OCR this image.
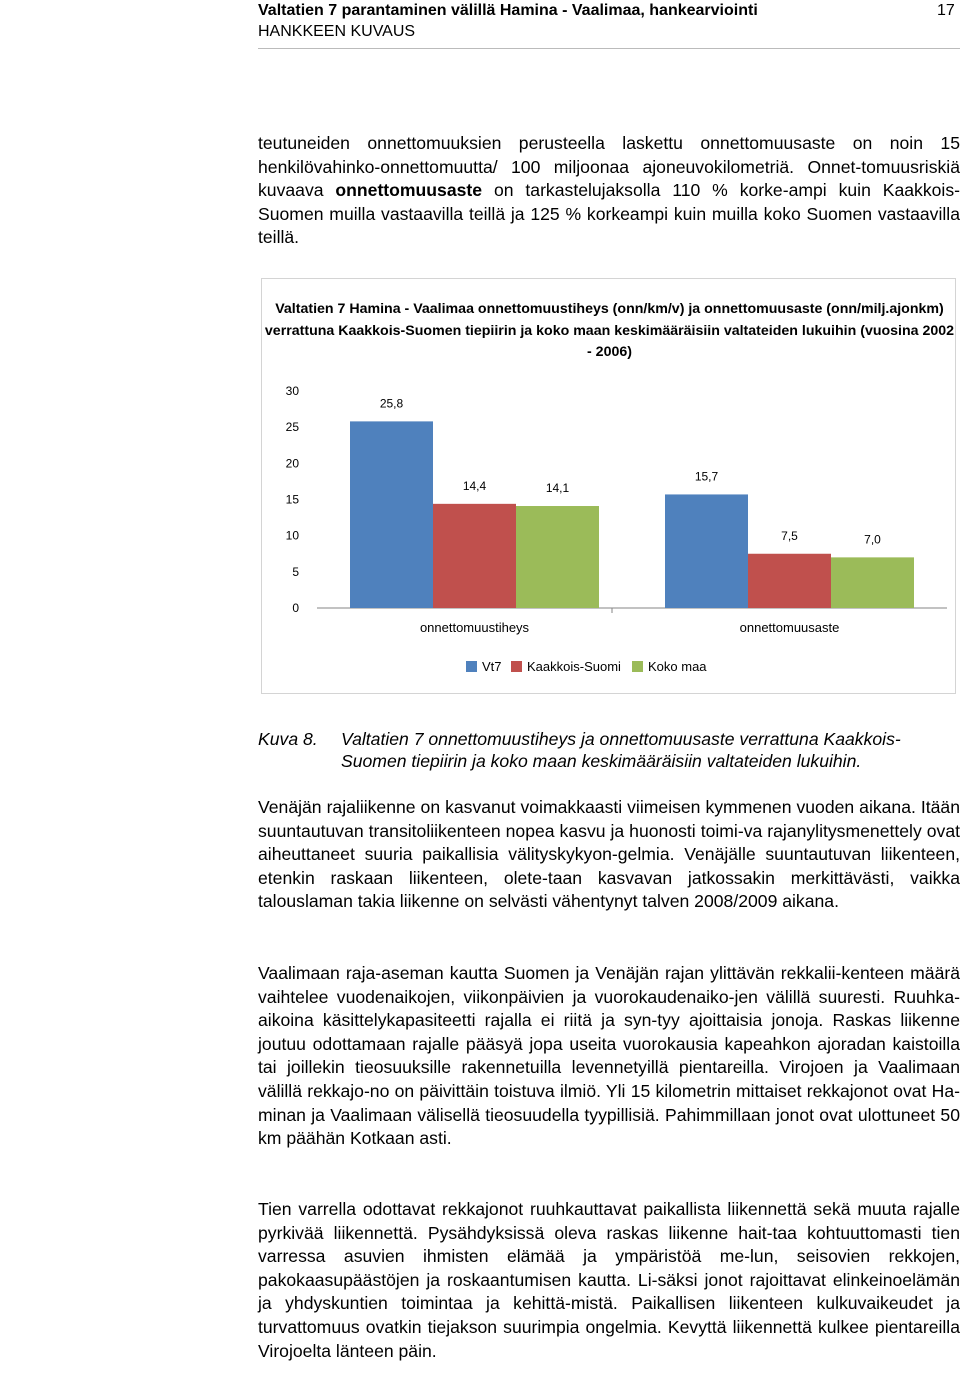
Valtatien 7 parantaminen välillä Hamina - Vaalimaa, hankearviointi
HANKKEEN KUVAUS
17

teutuneiden onnettomuuksien perusteella laskettu onnettomuusaste on noin 15 henkilövahinko-onnettomuutta/ 100 miljoonaa ajoneuvokilometriä. Onnet-tomuusriskiä kuvaava onnettomuusaste on tarkastelujaksolla 110 % korke-ampi kuin Kaakkois-Suomen muilla vastaavilla teillä ja 125 % korkeampi kuin muilla koko Suomen vastaavilla teillä.

Valtatien 7 Hamina - Vaalimaa onnettomuustiheys (onn/km/v) ja onnettomuusaste (onn/milj.ajonkm) verrattuna Kaakkois-Suomen tiepiirin ja koko maan keskimääräisiin valtateiden lukuihin (vuosina 2002 - 2006)
0
5
10
15
20
25
30
25,8
14,4	14,1
onnettomuustiheys
15,7
7,5	7,0
onnettomuusaste
Vt7	Kaakkois-Suomi	Koko maa
Kuva 8. Valtatien 7 onnettomuustiheys ja onnettomuusaste verrattuna Kaakkois-Suomen tiepiirin ja koko maan keskimääräisiin valtateiden lukuihin.

Venäjän rajaliikenne on kasvanut voimakkaasti viimeisen kymmenen vuoden aikana. Itään suuntautuvan transitoliikenteen nopea kasvu ja huonosti toimi-va rajanylitysmenettely ovat aiheuttaneet suuria paikallisia välityskykyon-gelmia. Venäjälle suuntautuvan liikenteen, etenkin raskaan liikenteen, olete-taan kasvavan jatkossakin merkittävästi, vaikka talouslaman takia liikenne on selvästi vähentynyt talven 2008/2009 aikana.

Vaalimaan raja-aseman kautta Suomen ja Venäjän rajan ylittävän rekkalii-kenteen määrä vaihtelee vuodenaikojen, viikonpäivien ja vuorokaudenaiko-jen välillä suuresti. Ruuhka-aikoina käsittelykapasiteetti rajalla ei riitä ja syn-tyy ajoittaisia jonoja. Raskas liikenne joutuu odottamaan rajalle pääsyä jopa useita vuorokausia kapeahkon ajoradan kaistoilla tai joillekin tieosuuksille rakennetuilla levennetyillä pientareilla. Virojoen ja Vaalimaan välillä rekkajo-no on päivittäin toistuva ilmiö. Yli 15 kilometrin mittaiset rekkajonot ovat Ha-minan ja Vaalimaan välisellä tieosuudella tyypillisiä. Pahimmillaan jonot ovat ulottuneet 50 km päähän Kotkaan asti.

Tien varrella odottavat rekkajonot ruuhkauttavat paikallista liikennettä sekä muuta rajalle pyrkivää liikennettä. Pysähdyksissä oleva raskas liikenne hait-taa kohtuuttomasti tien varressa asuvien ihmisten elämää ja ympäristöä me-lun, seisovien rekkojen, pakokaasupäästöjen ja roskaantumisen kautta. Li-säksi jonot rajoittavat elinkeinoelämän ja yhdyskuntien toimintaa ja kehittä-mistä. Paikallisen liikenteen kulkuvaikeudet ja turvattomuus ovatkin tiejakson suurimpia ongelmia. Kevyttä liikennettä kulkee pientareilla Virojoelta länteen päin.
